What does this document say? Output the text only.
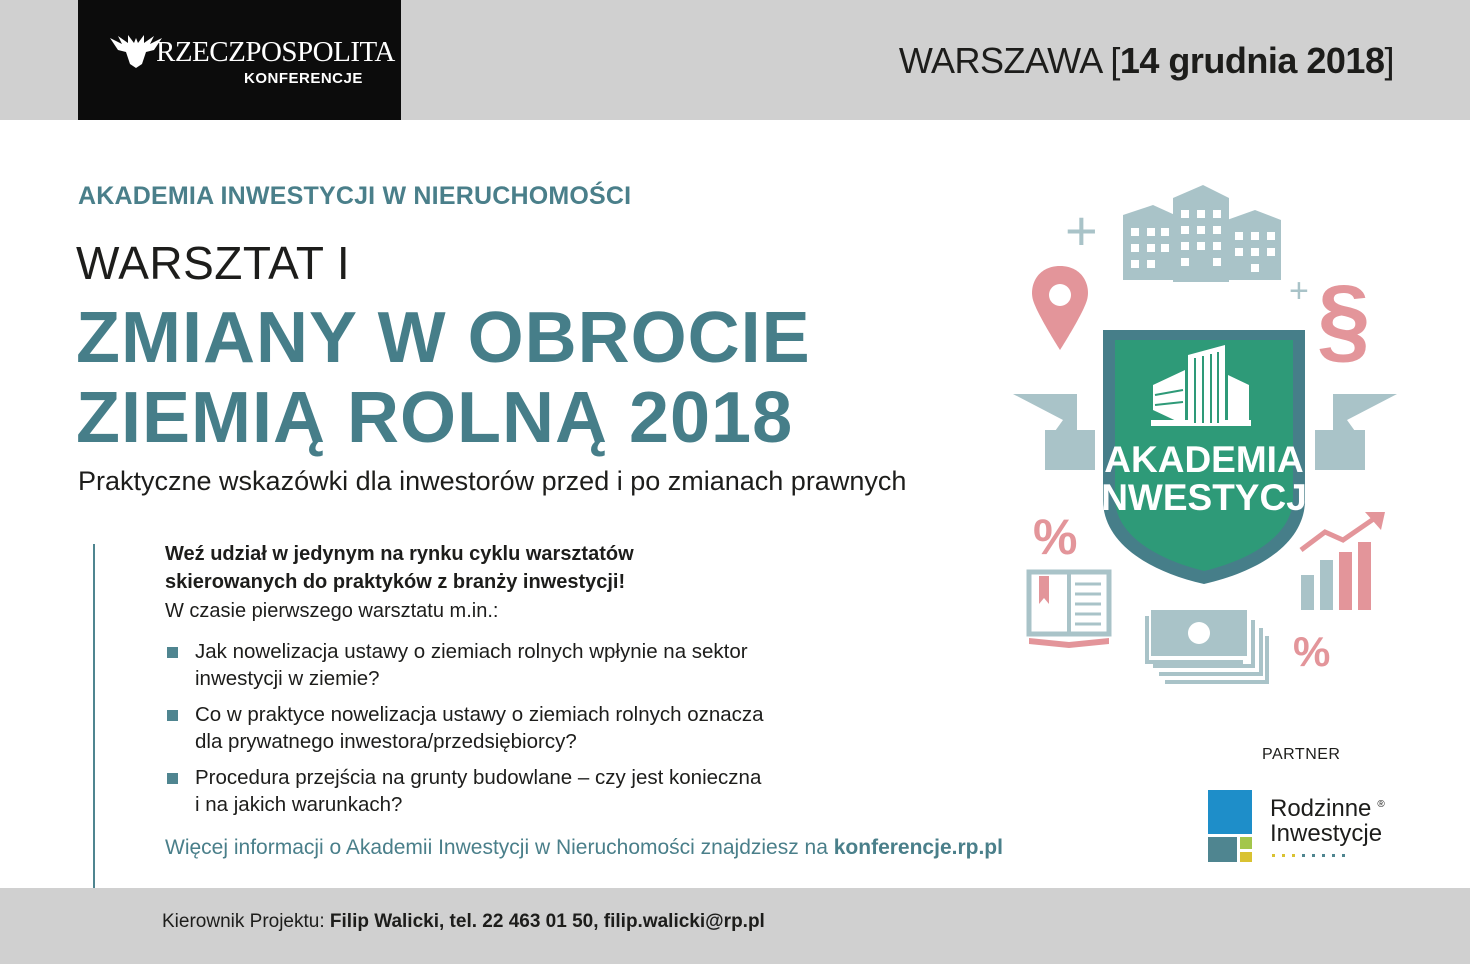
RZECZPOSPOLITA
KONFERENCJE	WARSZAWA [14 grudnia 2018]
AKADEMIA INWESTYCJI W NIERUCHOMOŚCI
WARSZTAT I
ZMIANY W OBROCIE
ZIEMIĄ ROLNĄ 2018
Praktyczne wskazówki dla inwestorów przed i po zmianach prawnych
Weź udział w jedynym na rynku cyklu warsztatów
skierowanych do praktyków z branży inwestycji!
W czasie pierwszego warsztatu m.in.:
Jak nowelizacja ustawy o ziemiach rolnych wpłynie na sektor
inwestycji w ziemie?
Co w praktyce nowelizacja ustawy o ziemiach rolnych oznacza
dla prywatnego inwestora/przedsiębiorcy?
Procedura przejścia na grunty budowlane – czy jest konieczna
i na jakich warunkach?
Więcej informacji o Akademii Inwestycji w Nieruchomości znajdziesz na konferencje.rp.pl
+
+ §
AKADEMIA
INWESTYCJI
%
%
PARTNER
Rodzinne ®
Inwestycje
Kierownik Projektu: Filip Walicki, tel. 22 463 01 50, filip.walicki@rp.pl
